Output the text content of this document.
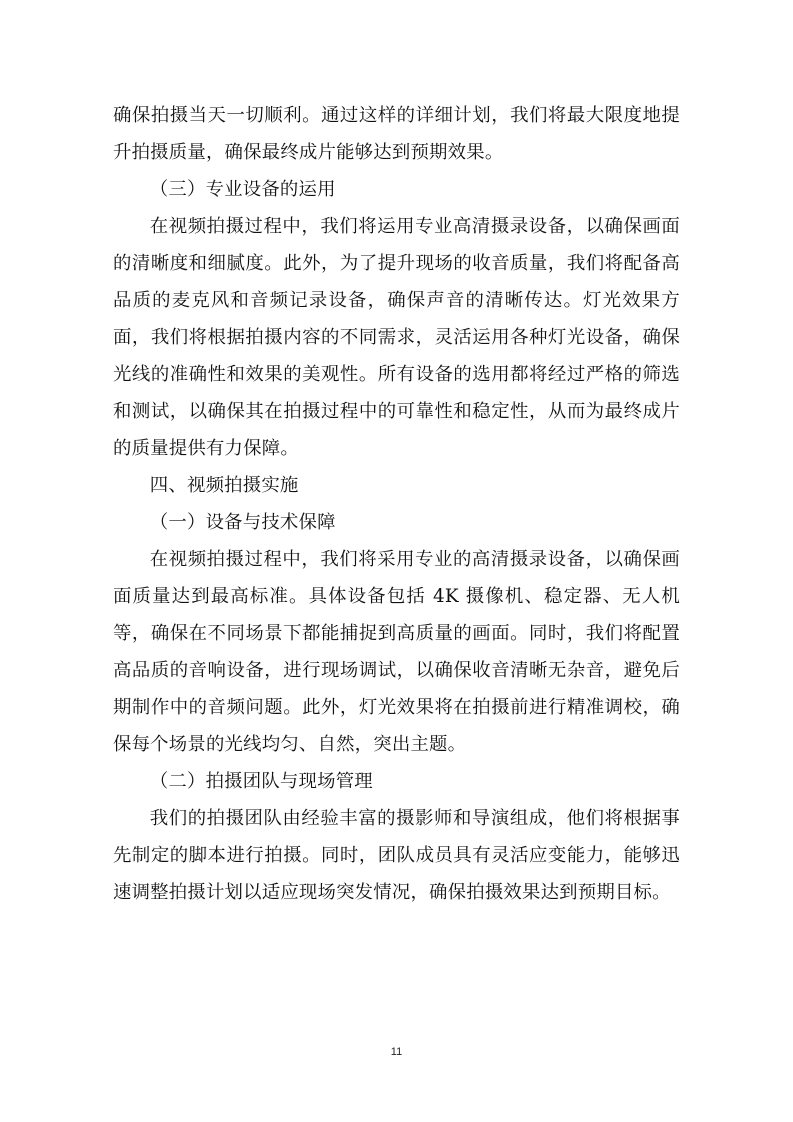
确保拍摄当天一切顺利。通过这样的详细计划，我们将最大限度地提升拍摄质量，确保最终成片能够达到预期效果。

（三）专业设备的运用

在视频拍摄过程中，我们将运用专业高清摄录设备，以确保画面的清晰度和细腻度。此外，为了提升现场的收音质量，我们将配备高品质的麦克风和音频记录设备，确保声音的清晰传达。灯光效果方面，我们将根据拍摄内容的不同需求，灵活运用各种灯光设备，确保光线的准确性和效果的美观性。所有设备的选用都将经过严格的筛选和测试，以确保其在拍摄过程中的可靠性和稳定性，从而为最终成片的质量提供有力保障。

四、视频拍摄实施

（一）设备与技术保障

在视频拍摄过程中，我们将采用专业的高清摄录设备，以确保画面质量达到最高标准。具体设备包括 4K 摄像机、稳定器、无人机等，确保在不同场景下都能捕捉到高质量的画面。同时，我们将配置高品质的音响设备，进行现场调试，以确保收音清晰无杂音，避免后期制作中的音频问题。此外，灯光效果将在拍摄前进行精准调校，确保每个场景的光线均匀、自然，突出主题。

（二）拍摄团队与现场管理

我们的拍摄团队由经验丰富的摄影师和导演组成，他们将根据事先制定的脚本进行拍摄。同时，团队成员具有灵活应变能力，能够迅速调整拍摄计划以适应现场突发情况，确保拍摄效果达到预期目标。

11
